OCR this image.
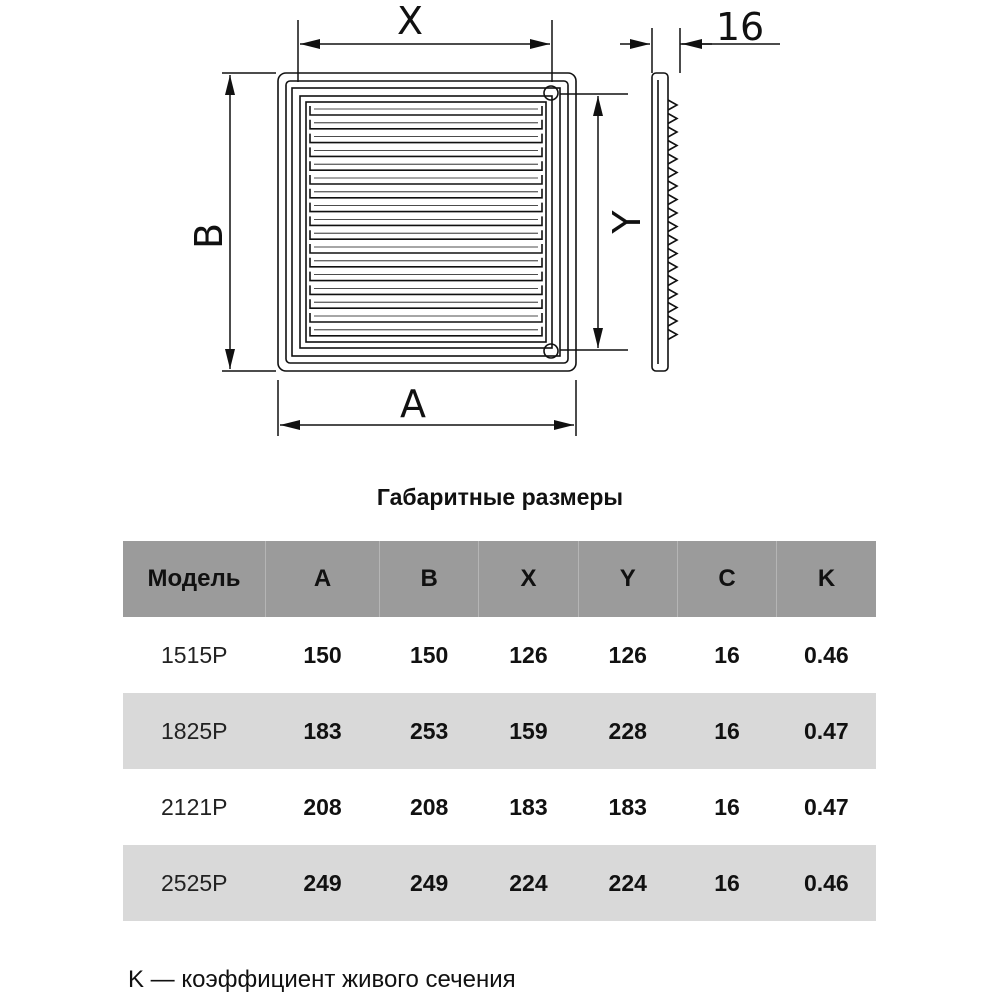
X
A
B
Y
16
Габаритные размеры
Модель	A	B	X	Y	C	K
1515P	150	150	126	126	16	0.46
1825P	183	253	159	228	16	0.47
2121P	208	208	183	183	16	0.47
2525P	249	249	224	224	16	0.46
K — коэффициент живого сечения
